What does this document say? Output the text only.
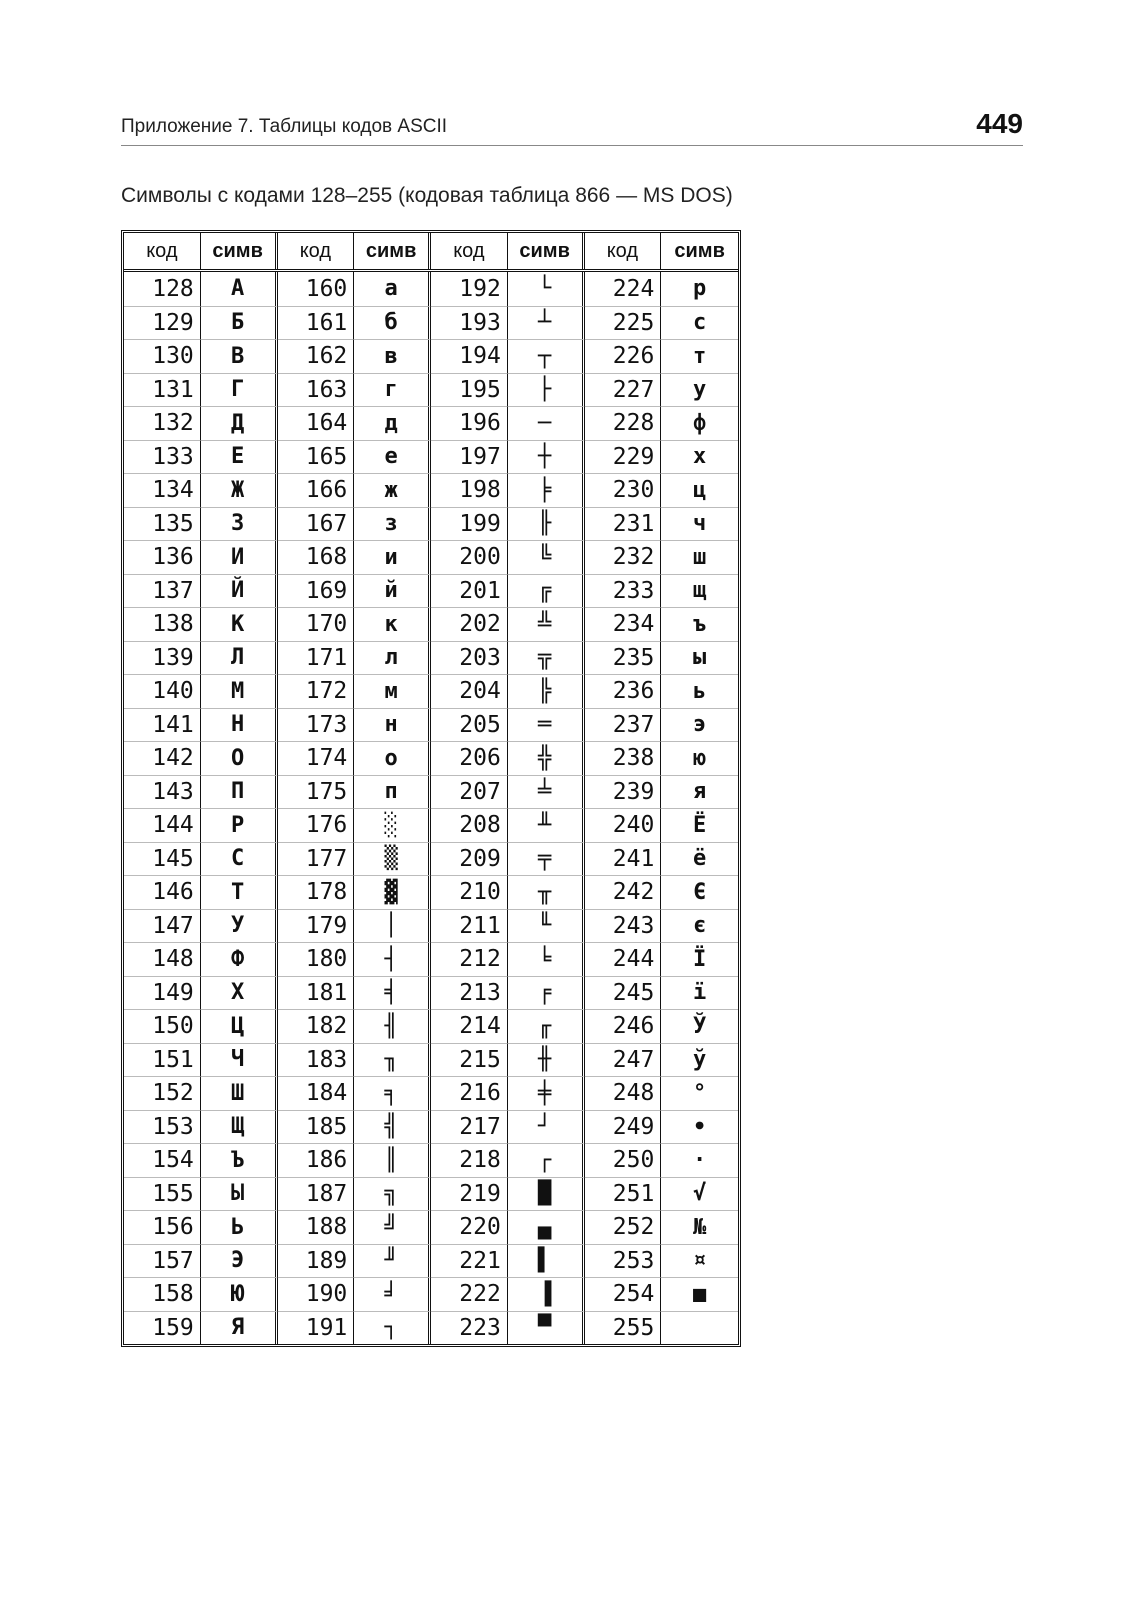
Приложение 7. Таблицы кодов ASCII	449
Символы с кодами 128–255 (кодовая таблица 866 — MS DOS)
код	симв	код	симв	код	симв	код	симв
128	А	160	а	192	└	224	р
129	Б	161	б	193	┴	225	с
130	В	162	в	194	┬	226	т
131	Г	163	г	195	├	227	у
132	Д	164	д	196	─	228	ф
133	Е	165	е	197	┼	229	х
134	Ж	166	ж	198	╞	230	ц
135	З	167	з	199	╟	231	ч
136	И	168	и	200	╚	232	ш
137	Й	169	й	201	╔	233	щ
138	К	170	к	202	╩	234	ъ
139	Л	171	л	203	╦	235	ы
140	М	172	м	204	╠	236	ь
141	Н	173	н	205	═	237	э
142	О	174	о	206	╬	238	ю
143	П	175	п	207	╧	239	я
144	Р	176	░	208	╨	240	Ё
145	С	177	▒	209	╤	241	ё
146	Т	178	▓	210	╥	242	Є
147	У	179	│	211	╙	243	є
148	Ф	180	┤	212	╘	244	Ї
149	Х	181	╡	213	╒	245	ї
150	Ц	182	╢	214	╓	246	Ў
151	Ч	183	╖	215	╫	247	ў
152	Ш	184	╕	216	╪	248	°
153	Щ	185	╣	217	┘	249	∙
154	Ъ	186	║	218	┌	250	·
155	Ы	187	╗	219	█	251	√
156	Ь	188	╝	220	▄	252	№
157	Э	189	╜	221	▌	253	¤
158	Ю	190	╛	222	▐	254	■
159	Я	191	┐	223	▀	255
